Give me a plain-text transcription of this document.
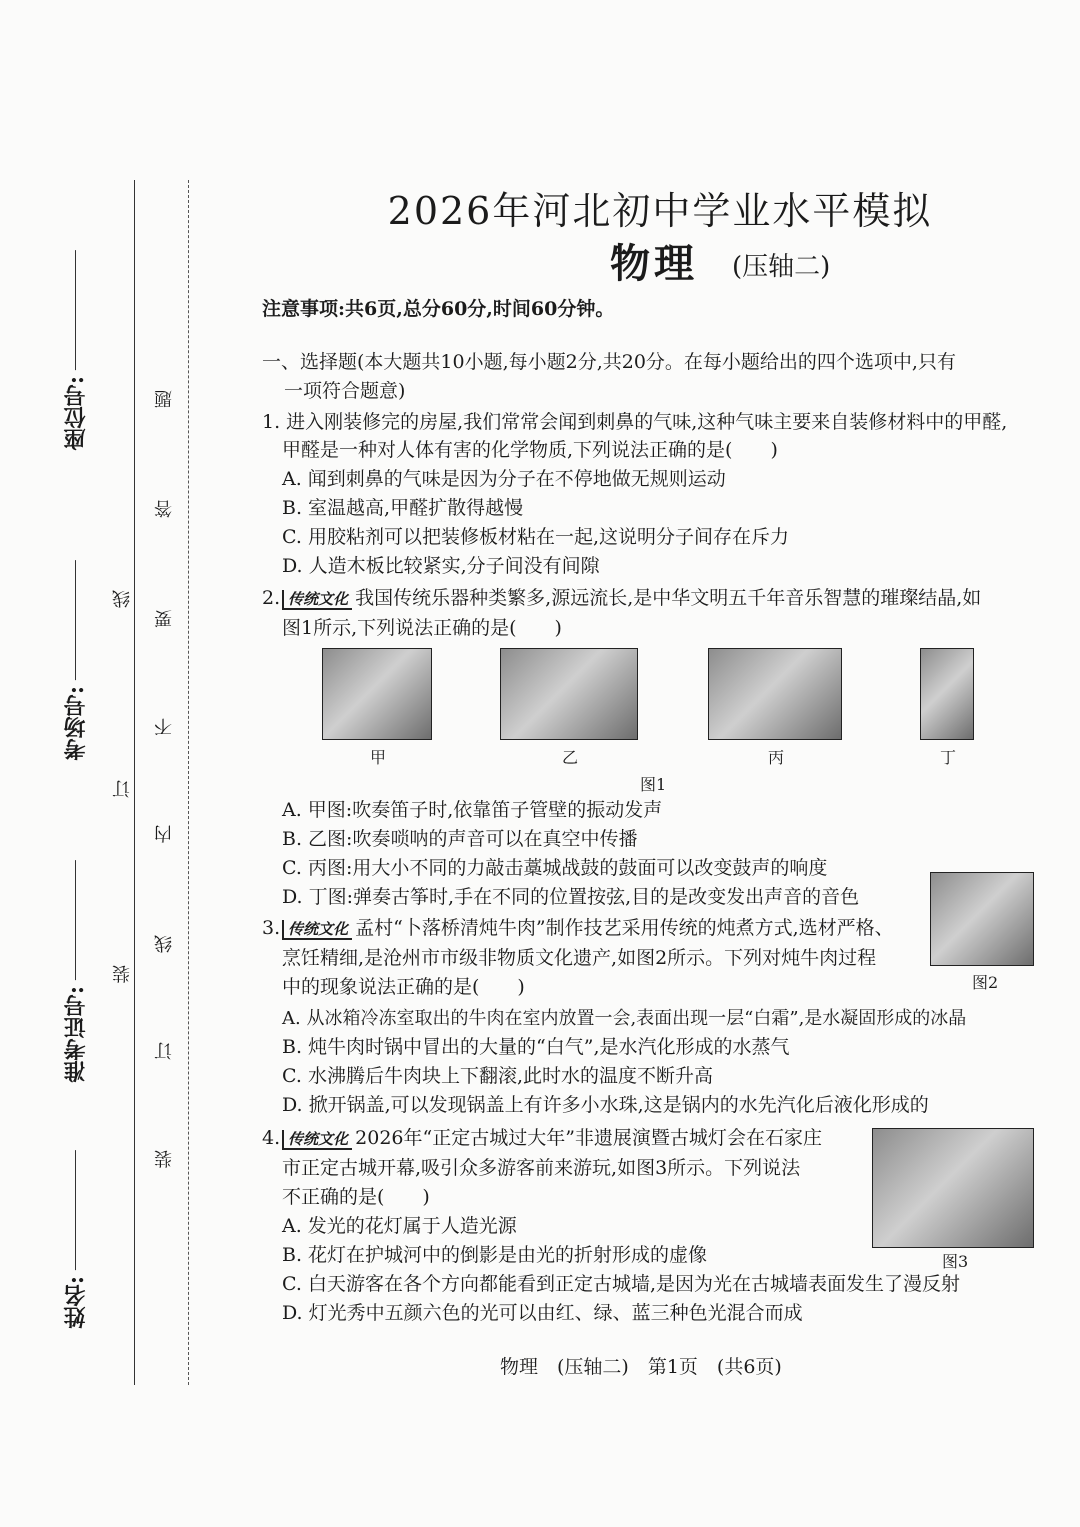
座位号:
考场号:
准考证号:
姓名:
线
订
装
题
答
要
不
内
线
订
装
2026年河北初中学业水平模拟
物理 (压轴二)
注意事项:共6页,总分60分,时间60分钟。
一、选择题(本大题共10小题,每小题2分,共20分。在每小题给出的四个选项中,只有
一项符合题意)
1. 进入刚装修完的房屋,我们常常会闻到刺鼻的气味,这种气味主要来自装修材料中的甲醛,
甲醛是一种对人体有害的化学物质,下列说法正确的是(　　)
A. 闻到刺鼻的气味是因为分子在不停地做无规则运动
B. 室温越高,甲醛扩散得越慢
C. 用胶粘剂可以把装修板材粘在一起,这说明分子间存在斥力
D. 人造木板比较紧实,分子间没有间隙
2. 传统文化 我国传统乐器种类繁多,源远流长,是中华文明五千年音乐智慧的璀璨结晶,如
图1所示,下列说法正确的是(　　)
甲	乙	丙	丁
图1
A. 甲图:吹奏笛子时,依靠笛子管壁的振动发声
B. 乙图:吹奏唢呐的声音可以在真空中传播
C. 丙图:用大小不同的力敲击藁城战鼓的鼓面可以改变鼓声的响度
D. 丁图:弹奏古筝时,手在不同的位置按弦,目的是改变发出声音的音色
图2
3. 传统文化 孟村“卜落桥清炖牛肉”制作技艺采用传统的炖煮方式,选材严格、
烹饪精细,是沧州市市级非物质文化遗产,如图2所示。下列对炖牛肉过程
中的现象说法正确的是(　　)
A. 从冰箱冷冻室取出的牛肉在室内放置一会,表面出现一层“白霜”,是水凝固形成的冰晶
B. 炖牛肉时锅中冒出的大量的“白气”,是水汽化形成的水蒸气
C. 水沸腾后牛肉块上下翻滚,此时水的温度不断升高
D. 掀开锅盖,可以发现锅盖上有许多小水珠,这是锅内的水先汽化后液化形成的
图3
4. 传统文化 2026年“正定古城过大年”非遗展演暨古城灯会在石家庄
市正定古城开幕,吸引众多游客前来游玩,如图3所示。下列说法
不正确的是(　　)
A. 发光的花灯属于人造光源
B. 花灯在护城河中的倒影是由光的折射形成的虚像
C. 白天游客在各个方向都能看到正定古城墙,是因为光在古城墙表面发生了漫反射
D. 灯光秀中五颜六色的光可以由红、绿、蓝三种色光混合而成
物理　(压轴二)　第1页　(共6页)
